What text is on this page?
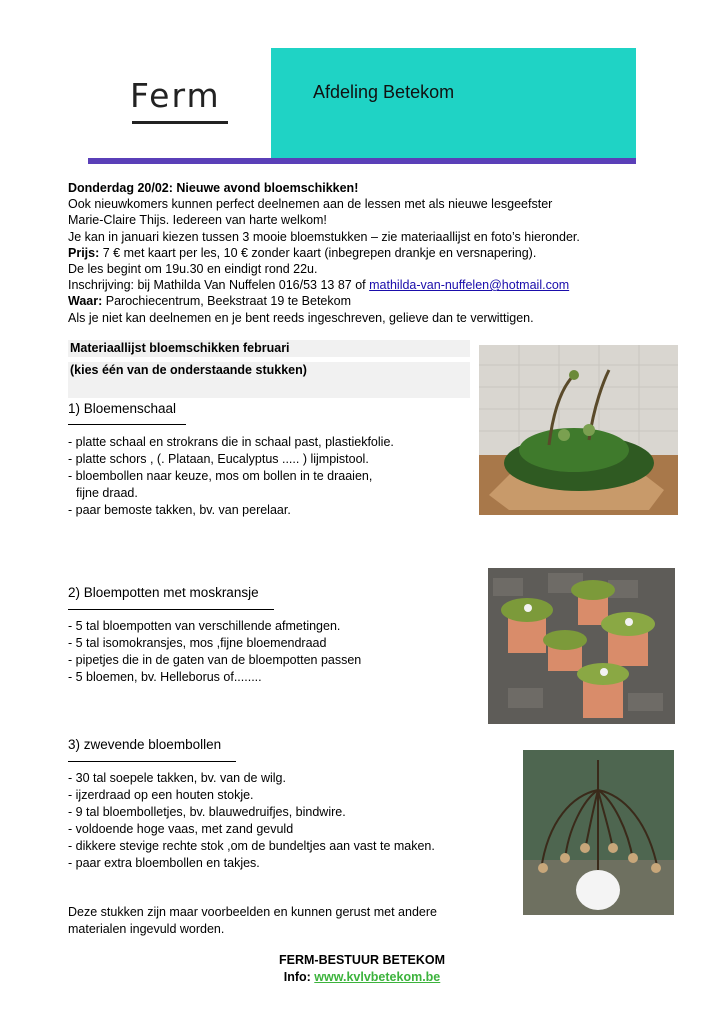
Ferm	Afdeling Betekom

Donderdag 20/02: Nieuwe avond bloemschikken!

Ook nieuwkomers kunnen perfect deelnemen aan de lessen met als nieuwe lesgeefster

Marie-Claire Thijs. Iedereen van harte welkom!

Je kan in januari kiezen tussen 3 mooie bloemstukken – zie materiaallijst en foto’s hieronder.

Prijs: 7 € met kaart per les, 10 € zonder kaart (inbegrepen drankje en versnapering).

De les begint om 19u.30 en eindigt rond 22u.

Inschrijving: bij Mathilda Van Nuffelen 016/53 13 87 of mathilda-van-nuffelen@hotmail.com

Waar: Parochiecentrum, Beekstraat 19 te Betekom

Als je niet kan deelnemen en je bent reeds ingeschreven, gelieve dan te verwittigen.

Materiaallijst bloemschikken februari
(kies één van de onderstaande stukken)
1) Bloemenschaal
- platte schaal en strokrans die in schaal past, plastiekfolie.
- platte schors , (. Plataan, Eucalyptus ..... ) lijmpistool.
- bloembollen naar keuze, mos om bollen in te draaien,
fijne draad.
- paar bemoste takken, bv. van perelaar.
2) Bloempotten met moskransje
- 5 tal bloempotten van verschillende afmetingen.
- 5 tal isomokransjes, mos ,fijne bloemendraad
- pipetjes die in de gaten van de bloempotten passen
- 5 bloemen, bv. Helleborus of........
3) zwevende bloembollen
- 30 tal soepele takken, bv. van de wilg.
- ijzerdraad op een houten stokje.
- 9 tal bloembolletjes, bv. blauwedruifjes, bindwire.
- voldoende hoge vaas, met zand gevuld
- dikkere stevige rechte stok ,om de bundeltjes aan vast te maken.
- paar extra bloembollen en takjes.

Deze stukken zijn maar voorbeelden en kunnen gerust met andere

materialen ingevuld worden.

FERM-BESTUUR BETEKOM

Info: www.kvlvbetekom.be
